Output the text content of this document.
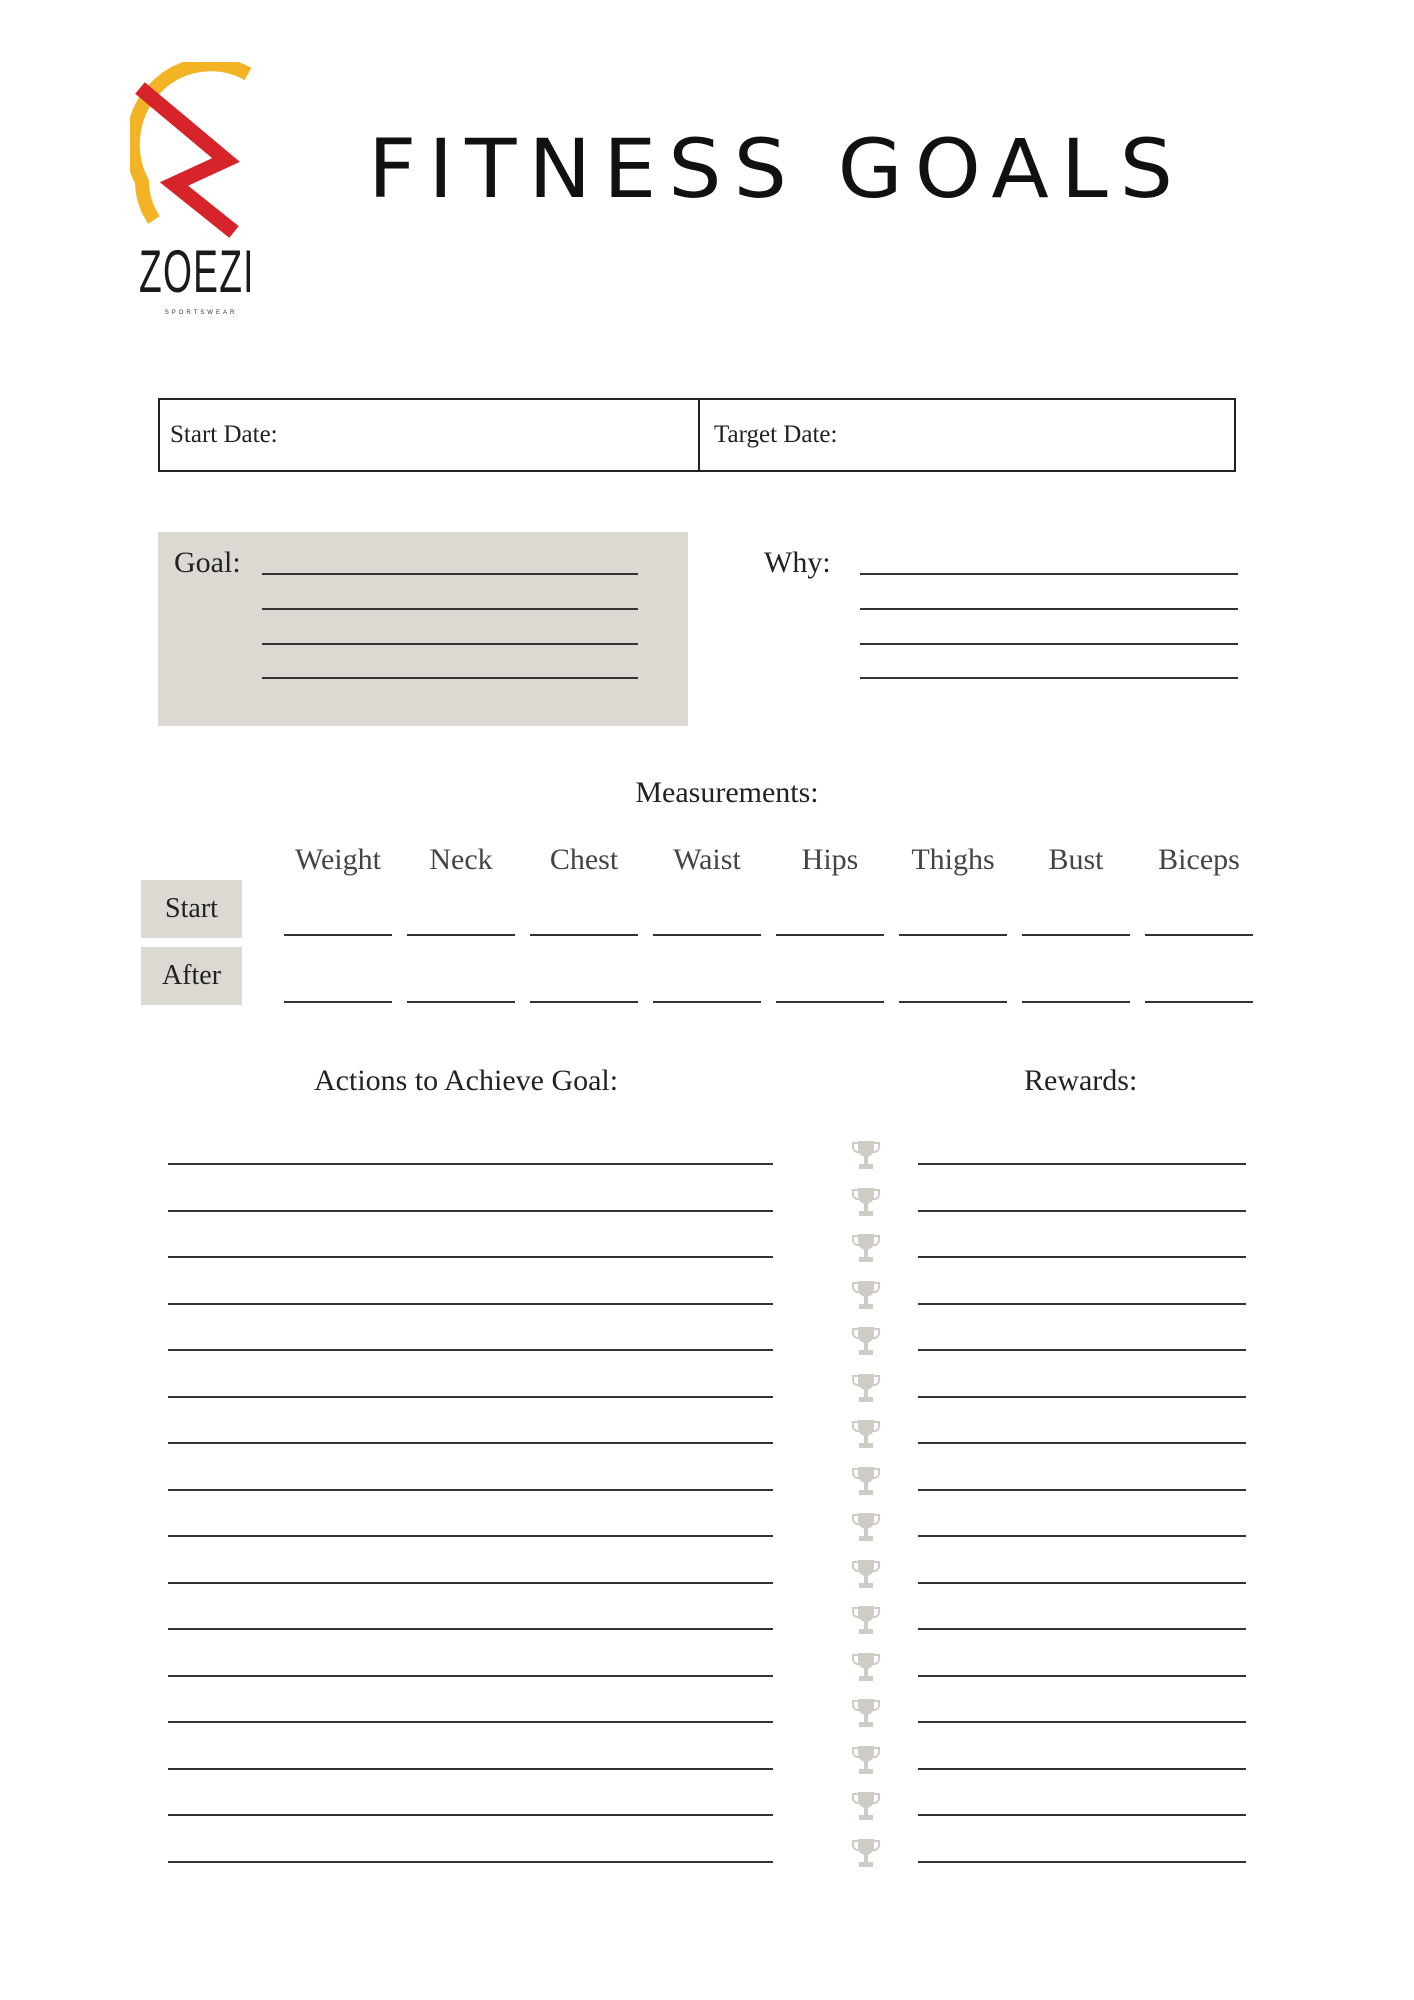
ZOEZI
SPORTSWEAR
FITNESS GOALS
Start Date:	Target Date:
Goal:	Why:
Measurements:
Weight	Neck	Chest	Waist	Hips	Thighs	Bust	Biceps
Start
After
Actions to Achieve Goal:	Rewards:
